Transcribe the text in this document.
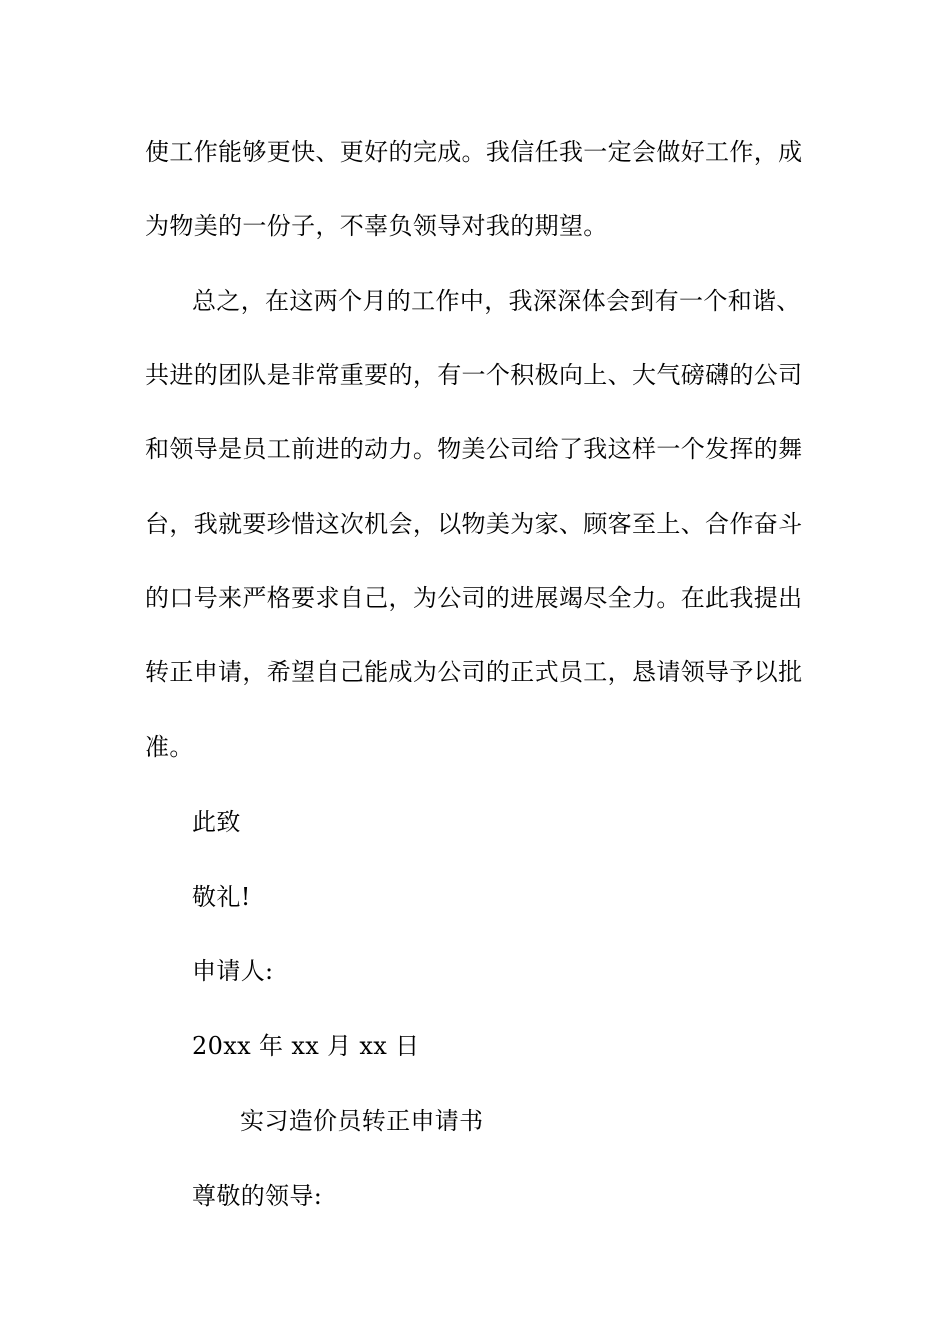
使工作能够更快、更好的完成。我信任我一定会做好工作，成
为物美的一份子，不辜负领导对我的期望。
总之，在这两个月的工作中，我深深体会到有一个和谐、
共进的团队是非常重要的，有一个积极向上、大气磅礴的公司
和领导是员工前进的动力。物美公司给了我这样一个发挥的舞
台，我就要珍惜这次机会，以物美为家、顾客至上、合作奋斗
的口号来严格要求自己，为公司的进展竭尽全力。在此我提出
转正申请，希望自己能成为公司的正式员工，恳请领导予以批
准。
此致
敬礼!
申请人:
20xx 年 xx 月 xx 日
实习造价员转正申请书
尊敬的领导:
